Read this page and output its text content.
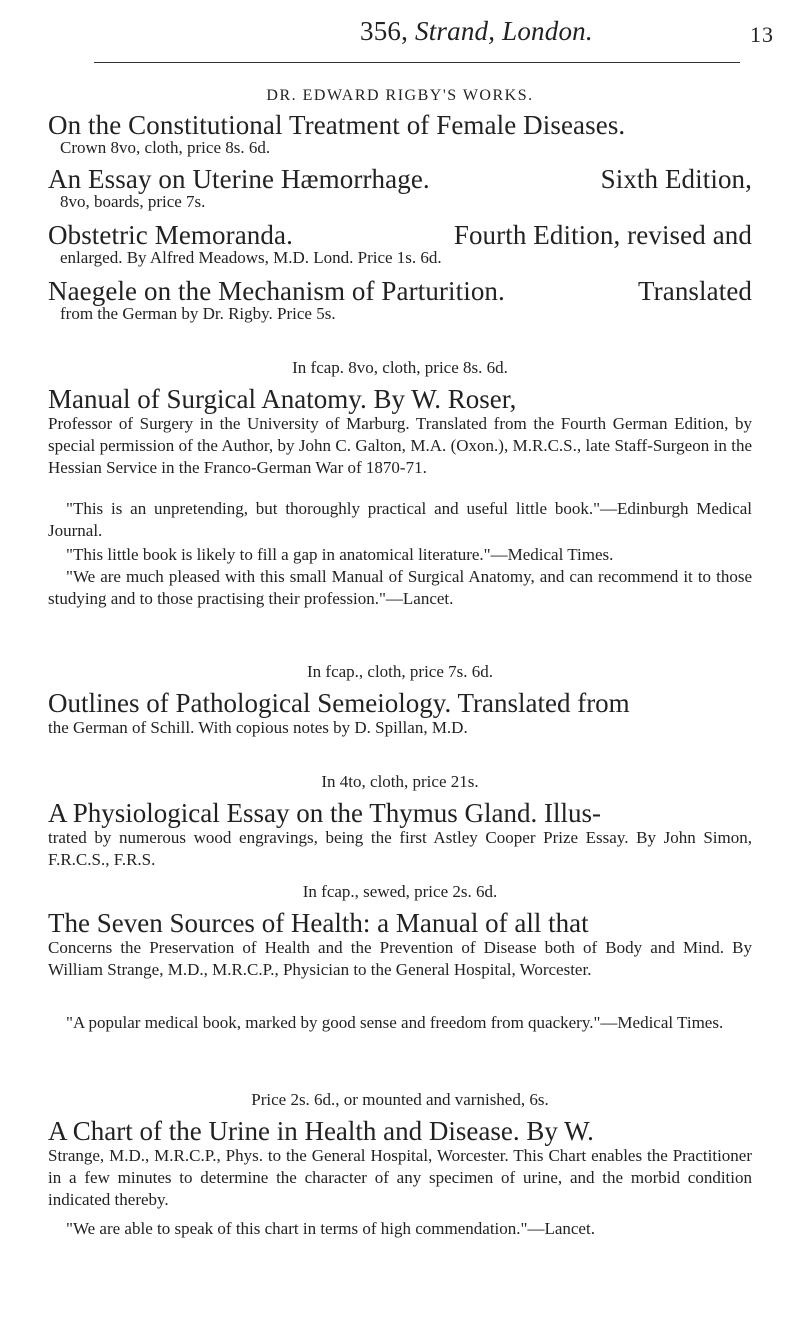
356, Strand, London.	13
DR. EDWARD RIGBY'S WORKS.
On the Constitutional Treatment of Female Diseases.
Crown 8vo, cloth, price 8s. 6d.
An Essay on Uterine Hæmorrhage.	Sixth Edition,
8vo, boards, price 7s.
Obstetric Memoranda.	Fourth Edition, revised and
enlarged. By Alfred Meadows, M.D. Lond. Price 1s. 6d.
Naegele on the Mechanism of Parturition.	Translated
from the German by Dr. Rigby. Price 5s.
In fcap. 8vo, cloth, price 8s. 6d.
Manual of Surgical Anatomy. By W. Roser,
Professor of Surgery in the University of Marburg. Translated from the Fourth German Edition, by special permission of the Author, by John C. Galton, M.A. (Oxon.), M.R.C.S., late Staff-Surgeon in the Hessian Service in the Franco-German War of 1870-71.
"This is an unpretending, but thoroughly practical and useful little book."—Edinburgh Medical Journal.
"This little book is likely to fill a gap in anatomical literature."—Medical Times.
"We are much pleased with this small Manual of Surgical Anatomy, and can recommend it to those studying and to those practising their profession."—Lancet.
In fcap., cloth, price 7s. 6d.
Outlines of Pathological Semeiology. Translated from
the German of Schill. With copious notes by D. Spillan, M.D.
In 4to, cloth, price 21s.
A Physiological Essay on the Thymus Gland. Illus-
trated by numerous wood engravings, being the first Astley Cooper Prize Essay. By John Simon, F.R.C.S., F.R.S.
In fcap., sewed, price 2s. 6d.
The Seven Sources of Health: a Manual of all that
Concerns the Preservation of Health and the Prevention of Disease both of Body and Mind. By William Strange, M.D., M.R.C.P., Physician to the General Hospital, Worcester.
"A popular medical book, marked by good sense and freedom from quackery."—Medical Times.
Price 2s. 6d., or mounted and varnished, 6s.
A Chart of the Urine in Health and Disease. By W.
Strange, M.D., M.R.C.P., Phys. to the General Hospital, Worcester. This Chart enables the Practitioner in a few minutes to determine the character of any specimen of urine, and the morbid condition indicated thereby.
"We are able to speak of this chart in terms of high commendation."—Lancet.
